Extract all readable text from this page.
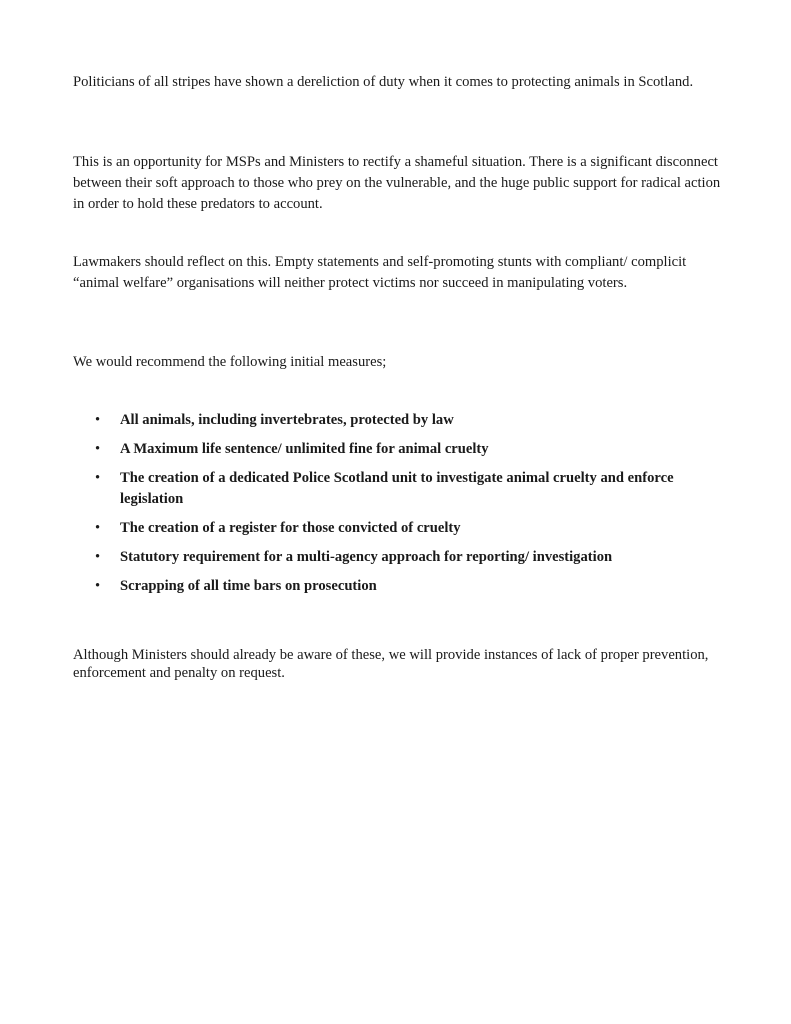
Politicians of all stripes have shown a dereliction of duty when it comes to protecting animals in Scotland.

This is an opportunity for MSPs and Ministers to rectify a shameful situation. There is a significant disconnect between their soft approach to those who prey on the vulnerable, and the huge public support for radical action in order to hold these predators to account.

Lawmakers should reflect on this. Empty statements and self-promoting stunts with compliant/ complicit “animal welfare” organisations will neither protect victims nor succeed in manipulating voters.

We would recommend the following initial measures;

• All animals, including invertebrates, protected by law
• A Maximum life sentence/ unlimited fine for animal cruelty
• The creation of a dedicated Police Scotland unit to investigate animal cruelty and enforce legislation
• The creation of a register for those convicted of cruelty
• Statutory requirement for a multi-agency approach for reporting/ investigation
• Scrapping of all time bars on prosecution

Although Ministers should already be aware of these, we will provide instances of lack of proper prevention, enforcement and penalty on request.
